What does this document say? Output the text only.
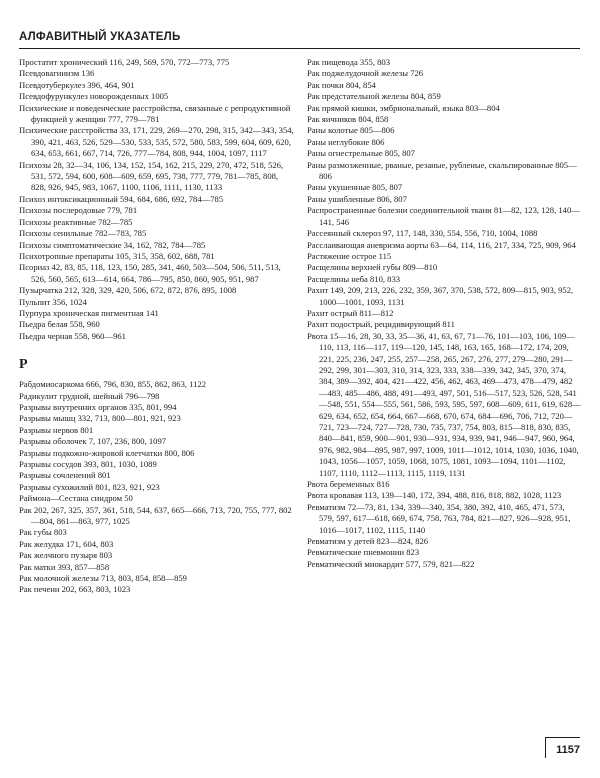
АЛФАВИТНЫЙ УКАЗАТЕЛЬ

Простатит хронический 116, 249, 569, 570, 772—773, 775

Псевдовагинизм 136

Псевдотуберкулез 396, 464, 901

Псевдофурункулез новорожденных 1005

Психические и поведенческие расстройства, связанные с репродуктивной функцией у женщин 777, 779—781

Психические расстройства 33, 171, 229, 269—270, 298, 315, 342—343, 354, 390, 421, 463, 526, 529—530, 533, 535, 572, 580, 583, 599, 604, 609, 620, 634, 653, 661, 667, 714, 726, 777—784, 808, 944, 1004, 1097, 1117

Психозы 28, 32—34, 106, 134, 152, 154, 162, 215, 229, 270, 472, 518, 526, 531, 572, 594, 600, 608—609, 659, 695, 738, 777, 779, 781—785, 808, 828, 926, 945, 983, 1067, 1100, 1106, 1111, 1130, 1133

Психоз интоксикационный 594, 684, 686, 692, 784—785

Психозы послеродовые 779, 781

Психозы реактивные 782—785

Психозы сенильные 782—783, 785

Психозы симптоматические 34, 162, 782, 784—785

Психотропные препараты 105, 315, 358, 602, 688, 781

Псориаз 42, 83, 85, 118, 123, 150, 285, 341, 460, 503—504, 506, 511, 513, 526, 560, 565, 613—614, 664, 786—795, 850, 860, 905, 951, 987

Пузырчатка 212, 328, 329, 420, 506, 672, 872, 876, 895, 1008

Пульпит 356, 1024

Пурпура хроническая пигментная 141

Пьедра белая 558, 960

Пьедра черная 558, 960—961

Р

Рабдомиосаркома 666, 796, 830, 855, 862, 863, 1122

Радикулит грудной, шейный 796—798

Разрывы внутренних органов 335, 801, 994

Разрывы мышц 332, 713, 800—801, 921, 923

Разрывы нервов 801

Разрывы оболочек 7, 107, 236, 800, 1097

Разрывы подкожно-жировой клетчатки 800, 806

Разрывы сосудов 393, 801, 1030, 1089

Разрывы сочленений 801

Разрывы сухожилий 801, 823, 921, 923

Раймона—Сестана синдром 50

Рак 202, 267, 325, 357, 361, 518, 544, 637, 665—666, 713, 720, 755, 777, 802—804, 861—863, 977, 1025

Рак губы 803

Рак желудка 171, 604, 803

Рак желчного пузыря 803

Рак матки 393, 857—858

Рак молочной железы 713, 803, 854, 858—859

Рак печени 202, 663, 803, 1023

Рак пищевода 355, 803

Рак поджелудочной железы 726

Рак почки 804, 854

Рак предстательной железы 804, 859

Рак прямой кишки, эмбриональный, языка 803—804

Рак яичников 804, 858

Раны колотые 805—806

Раны неглубокие 806

Раны огнестрельные 805, 807

Раны размозженные, рваные, резаные, рубленые, скальпированные 805—806

Раны укушенные 805, 807

Раны ушибленные 806, 807

Распространенные болезни соединительной ткани 81—82, 123, 128, 140—141, 546

Рассеянный склероз 97, 117, 148, 330, 554, 556, 710, 1004, 1088

Расслаивающая аневризма аорты 63—64, 114, 116, 217, 334, 725, 909, 964

Растяжение острое 115

Расщелины верхней губы 809—810

Расщелины неба 810, 833

Рахит 149, 209, 213, 226, 232, 359, 367, 370, 538, 572, 809—815, 903, 952, 1000—1001, 1093, 1131

Рахит острый 811—812

Рахит подострый, рецидивирующий 811

Рвота 15—16, 28, 30, 33, 35—36, 41, 63, 67, 71—76, 101—103, 106, 109—110, 113, 116—117, 119—120, 145, 148, 163, 165, 168—172, 174, 209, 221, 225, 236, 247, 255, 257—258, 265, 267, 276, 277, 279—280, 291—292, 299, 301—303, 310, 314, 323, 333, 338—339, 342, 345, 370, 374, 384, 389—392, 404, 421—422, 456, 462, 463, 469—473, 478—479, 482—483, 485—486, 488, 491—493, 497, 501, 516—517, 523, 526, 528, 541—548, 551, 554—555, 561, 586, 593, 595, 597, 608—609, 611, 619, 628—629, 634, 652, 654, 664, 667—668, 670, 674, 684—696, 706, 712, 720—721, 723—724, 727—728, 730, 735, 737, 754, 803, 815—818, 830, 835, 840—841, 859, 900—901, 930—931, 934, 939, 941, 946—947, 960, 964, 976, 982, 984—895, 987, 997, 1009, 1011—1012, 1014, 1030, 1036, 1040, 1043, 1056—1057, 1059, 1068, 1075, 1081, 1093—1094, 1101—1102, 1107, 1110, 1112—1113, 1115, 1119, 1131

Рвота беременных 816

Рвота кровавая 113, 139—140, 172, 394, 488, 816, 818, 882, 1028, 1123

Ревматизм 72—73, 81, 134, 339—340, 354, 380, 392, 410, 465, 471, 573, 579, 597, 617—618, 669, 674, 758, 763, 784, 821—827, 926—928, 951, 1016—1017, 1102, 1115, 1140

Ревматизм у детей 823—824, 826

Ревматические пневмонии 823

Ревматический миокардит 577, 579, 821—822

1157
